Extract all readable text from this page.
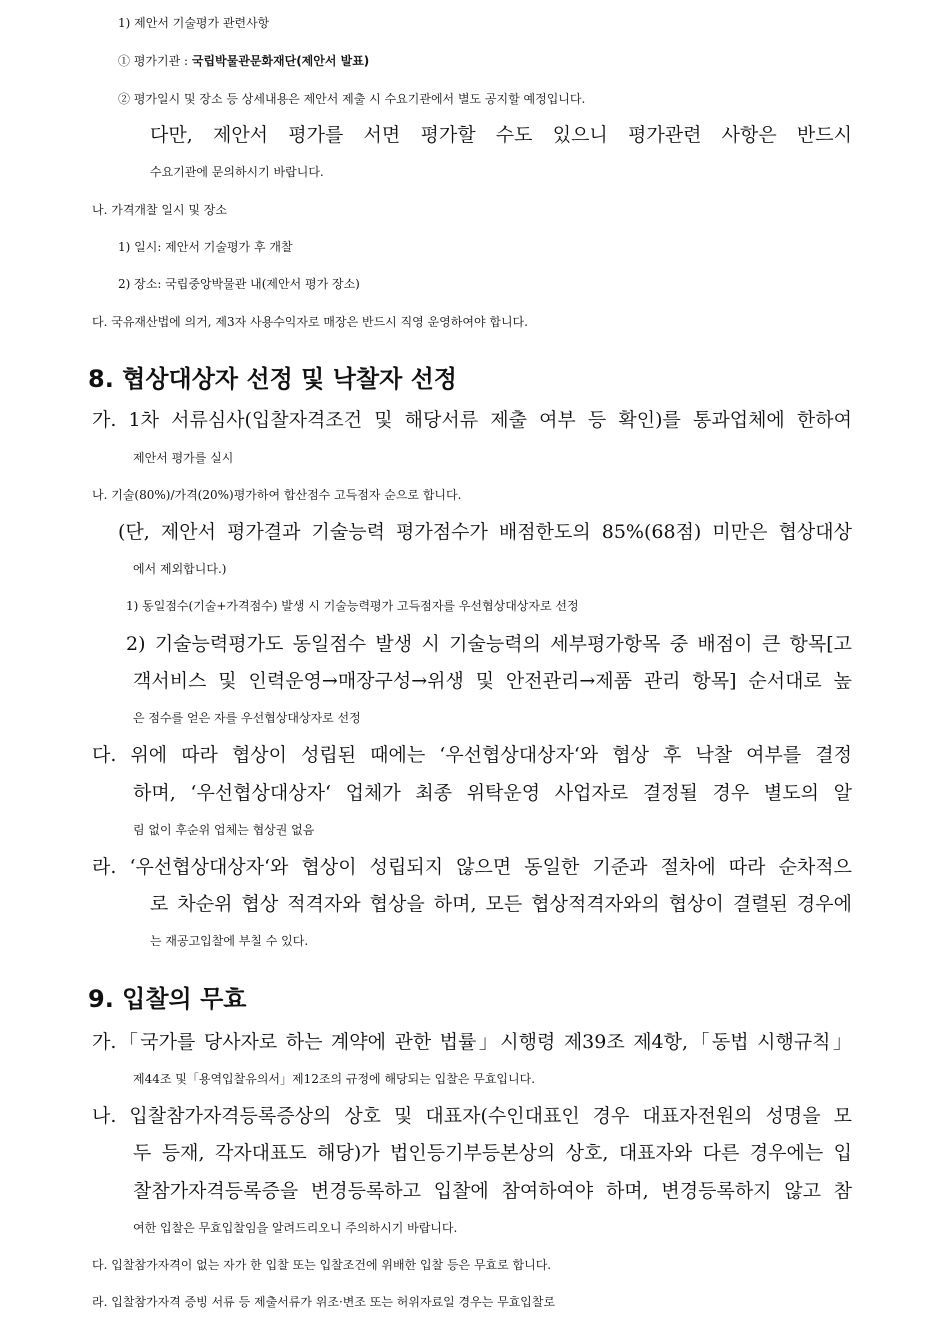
1) 제안서 기술평가 관련사항
① 평가기관 : 국립박물관문화재단(제안서 발표)
② 평가일시 및 장소 등 상세내용은 제안서 제출 시 수요기관에서 별도 공지할 예정입니다.
다만, 제안서 평가를 서면 평가할 수도 있으니 평가관련 사항은 반드시
수요기관에 문의하시기 바랍니다.
나. 가격개찰 일시 및 장소
1) 일시: 제안서 기술평가 후 개찰
2) 장소: 국립중앙박물관 내(제안서 평가 장소)
다. 국유재산법에 의거, 제3자 사용수익자로 매장은 반드시 직영 운영하여야 합니다.
8. 협상대상자 선정 및 낙찰자 선정
가. 1차 서류심사(입찰자격조건 및 해당서류 제출 여부 등 확인)를 통과업체에 한하여
제안서 평가를 실시
나. 기술(80%)/가격(20%)평가하여 합산점수 고득점자 순으로 합니다.
(단, 제안서 평가결과 기술능력 평가점수가 배점한도의 85%(68점) 미만은 협상대상
에서 제외합니다.)
1) 동일점수(기술+가격점수) 발생 시 기술능력평가 고득점자를 우선협상대상자로 선정
2) 기술능력평가도 동일점수 발생 시 기술능력의 세부평가항목 중 배점이 큰 항목[고
객서비스 및 인력운영→매장구성→위생 및 안전관리→제품 관리 항목] 순서대로 높
은 점수를 얻은 자를 우선협상대상자로 선정
다. 위에 따라 협상이 성립된 때에는 ‘우선협상대상자‘와 협상 후 낙찰 여부를 결정
하며, ‘우선협상대상자‘ 업체가 최종 위탁운영 사업자로 결정될 경우 별도의 알
림 없이 후순위 업체는 협상권 없음
라. ‘우선협상대상자‘와 협상이 성립되지 않으면 동일한 기준과 절차에 따라 순차적으
로 차순위 협상 적격자와 협상을 하며, 모든 협상적격자와의 협상이 결렬된 경우에
는 재공고입찰에 부칠 수 있다.
9. 입찰의 무효
가.「국가를 당사자로 하는 계약에 관한 법률」시행령 제39조 제4항,「동법 시행규칙」
제44조 및「용역입찰유의서」제12조의 규정에 해당되는 입찰은 무효입니다.
나. 입찰참가자격등록증상의 상호 및 대표자(수인대표인 경우 대표자전원의 성명을 모
두 등재, 각자대표도 해당)가 법인등기부등본상의 상호, 대표자와 다른 경우에는 입
찰참가자격등록증을 변경등록하고 입찰에 참여하여야 하며, 변경등록하지 않고 참
여한 입찰은 무효입찰임을 알려드리오니 주의하시기 바랍니다.
다. 입찰참가자격이 없는 자가 한 입찰 또는 입찰조건에 위배한 입찰 등은 무효로 합니다.
라. 입찰참가자격 증빙 서류 등 제출서류가 위조·변조 또는 허위자료일 경우는 무효입찰로
